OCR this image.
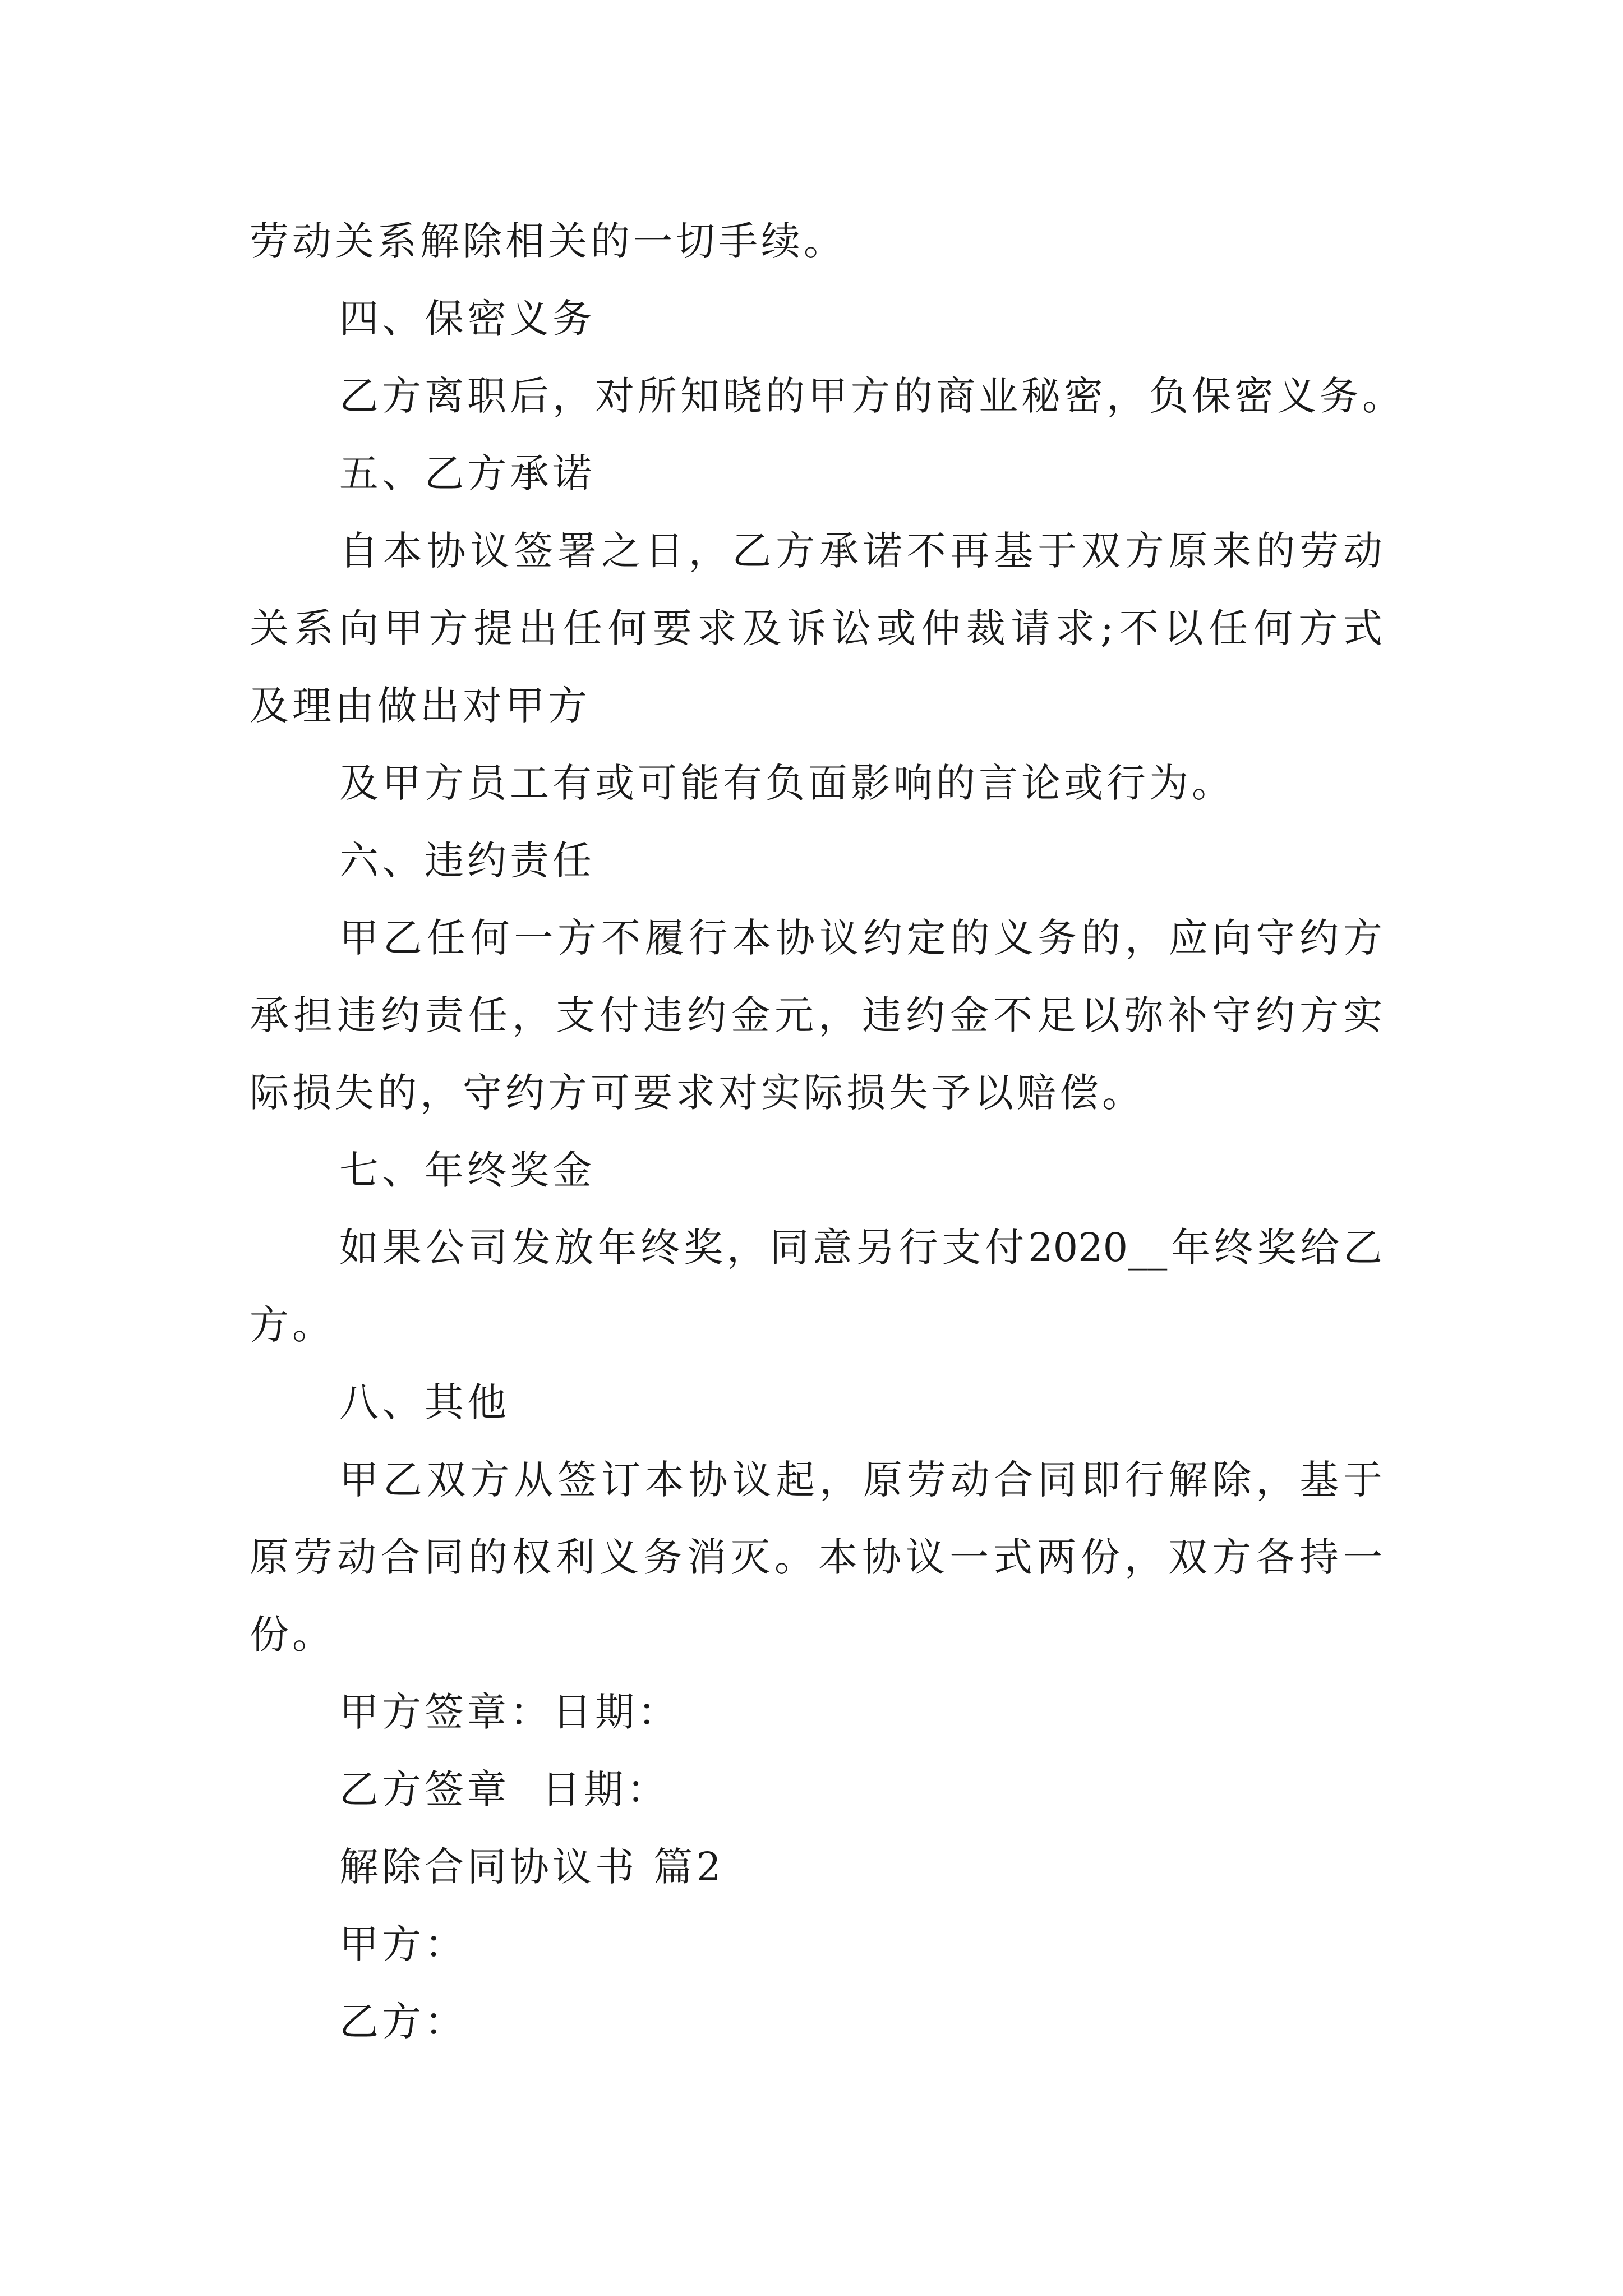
劳动关系解除相关的一切手续。

四、保密义务

乙方离职后，对所知晓的甲方的商业秘密，负保密义务。

五、乙方承诺

自本协议签署之日，乙方承诺不再基于双方原来的劳动

关系向甲方提出任何要求及诉讼或仲裁请求;不以任何方式

及理由做出对甲方

及甲方员工有或可能有负面影响的言论或行为。

六、违约责任

甲乙任何一方不履行本协议约定的义务的，应向守约方

承担违约责任，支付违约金元，违约金不足以弥补守约方实

际损失的，守约方可要求对实际损失予以赔偿。

七、年终奖金

如果公司发放年终奖，同意另行支付2020__年终奖给乙

方。

八、其他

甲乙双方从签订本协议起，原劳动合同即行解除，基于

原劳动合同的权利义务消灭。本协议一式两份，双方各持一

份。

甲方签章：日期：

乙方签章  日期：

解除合同协议书 篇2

甲方：

乙方：
